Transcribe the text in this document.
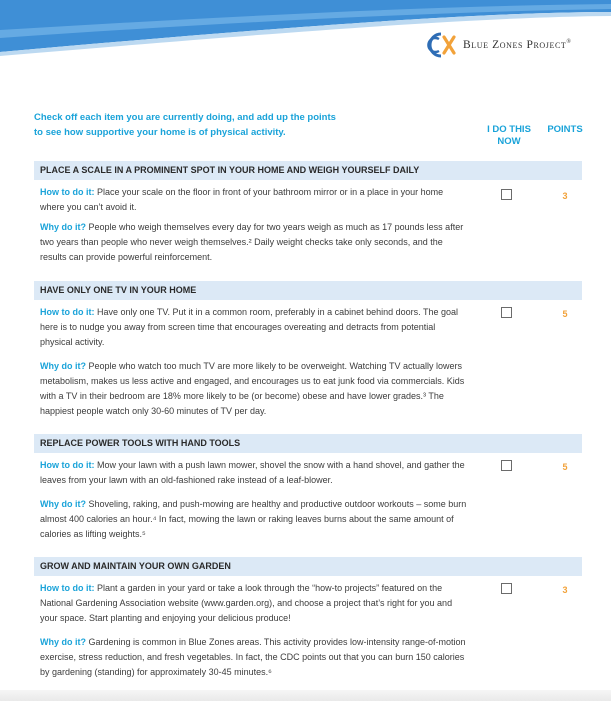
Blue Zones Project®
Check off each item you are currently doing, and add up the points
to see how supportive your home is of physical activity.	I DO THIS
NOW
POINTS
PLACE A SCALE IN A PROMINENT SPOT IN YOUR HOME AND WEIGH YOURSELF DAILY
How to do it: Place your scale on the floor in front of your bathroom mirror or in a place in your home where you can’t avoid it.
Why do it? People who weigh themselves every day for two years weigh as much as 17 pounds less after two years than people who never weigh themselves.² Daily weight checks take only seconds, and the results can provide powerful reinforcement.
3
HAVE ONLY ONE TV IN YOUR HOME
How to do it: Have only one TV. Put it in a common room, preferably in a cabinet behind doors. The goal here is to nudge you away from screen time that encourages overeating and detracts from potential physical activity.
Why do it? People who watch too much TV are more likely to be overweight. Watching TV actually lowers metabolism, makes us less active and engaged, and encourages us to eat junk food via commercials. Kids with a TV in their bedroom are 18% more likely to be (or become) obese and have lower grades.³ The happiest people watch only 30-60 minutes of TV per day.
5
REPLACE POWER TOOLS WITH HAND TOOLS
How to do it: Mow your lawn with a push lawn mower, shovel the snow with a hand shovel, and gather the leaves from your lawn with an old-fashioned rake instead of a leaf-blower.
Why do it? Shoveling, raking, and push-mowing are healthy and productive outdoor workouts – some burn almost 400 calories an hour.⁴ In fact, mowing the lawn or raking leaves burns about the same amount of calories as lifting weights.⁵
5
GROW AND MAINTAIN YOUR OWN GARDEN
How to do it: Plant a garden in your yard or take a look through the “how-to projects” featured on the National Gardening Association website (www.garden.org), and choose a project that’s right for you and your space. Start planting and enjoying your delicious produce!
Why do it? Gardening is common in Blue Zones areas. This activity provides low-intensity range-of-motion exercise, stress reduction, and fresh vegetables. In fact, the CDC points out that you can burn 150 calories by gardening (standing) for approximately 30-45 minutes.⁶
3
